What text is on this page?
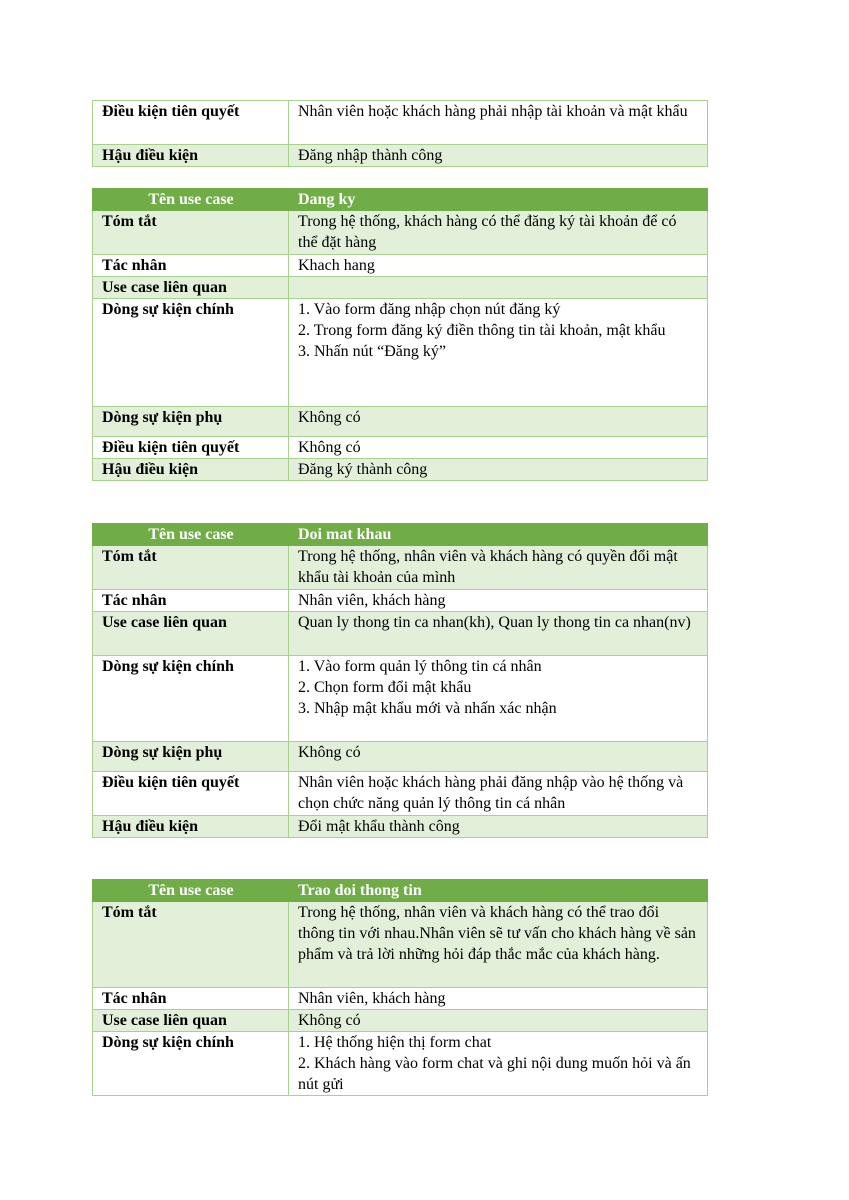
Điều kiện tiên quyết	Nhân viên hoặc khách hàng phải nhập tài khoản và mật khẩu
Hậu điều kiện	Đăng nhập thành công
Tên use case	Dang ky
Tóm tắt	Trong hệ thống, khách hàng có thể đăng ký tài khoản để có thể đặt hàng
Tác nhân	Khach hang
Use case liên quan	
Dòng sự kiện chính	1. Vào form đăng nhập chọn nút đăng ký
2. Trong form đăng ký điền thông tin tài khoản, mật khẩu
3. Nhấn nút “Đăng ký”

Dòng sự kiện phụ	Không có
Điều kiện tiên quyết	Không có
Hậu điều kiện	Đăng ký thành công
Tên use case	Doi mat khau
Tóm tắt	Trong hệ thống, nhân viên và khách hàng có quyền đổi mật khẩu tài khoản của mình
Tác nhân	Nhân viên, khách hàng
Use case liên quan	Quan ly thong tin ca nhan(kh), Quan ly thong tin ca nhan(nv)
Dòng sự kiện chính	1. Vào form quản lý thông tin cá nhân
2. Chọn form đổi mật khẩu
3. Nhập mật khẩu mới và nhấn xác nhận

Dòng sự kiện phụ	Không có
Điều kiện tiên quyết	Nhân viên hoặc khách hàng phải đăng nhập vào hệ thống và chọn chức năng quản lý thông tin cá nhân
Hậu điều kiện	Đổi mật khẩu thành công
Tên use case	Trao doi thong tin
Tóm tắt	Trong hệ thống, nhân viên và khách hàng có thể trao đổi thông tin với nhau.Nhân viên sẽ tư vấn cho khách hàng về sản phẩm và trả lời những hỏi đáp thắc mắc của khách hàng.
Tác nhân	Nhân viên, khách hàng
Use case liên quan	Không có
Dòng sự kiện chính	1. Hệ thống hiện thị form chat
2. Khách hàng vào form chat và ghi nội dung muốn hỏi và ấn nút gửi
